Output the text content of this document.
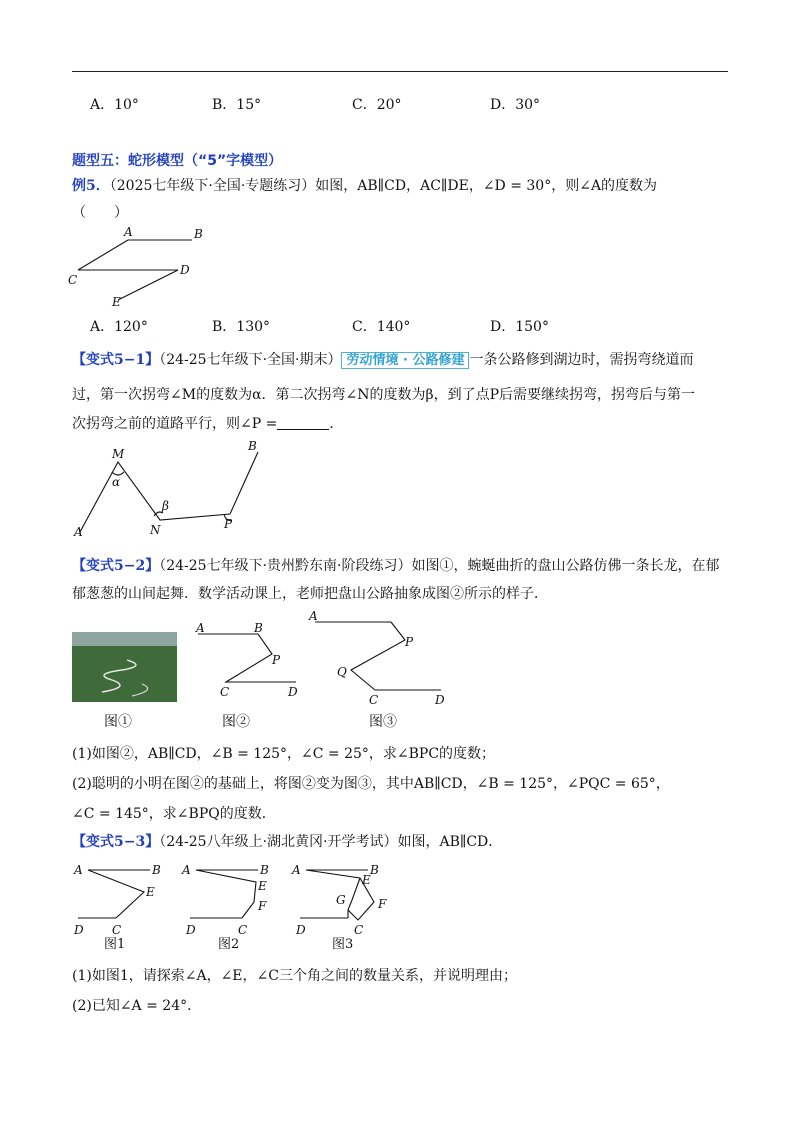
A．10°	B．15°	C．20°	D．30°
题型五：蛇形模型（“5”字模型）
例5．（2025七年级下·全国·专题练习）如图，AB∥CD，AC∥DE，∠D = 30°，则∠A的度数为
（　　）
A	B
C
D
E
A．120°	B．130°	C．140°	D．150°
【变式5−1】（24-25七年级下·全国·期末） 劳动情境 · 公路修建 一条公路修到湖边时，需拐弯绕道而
过，第一次拐弯∠M的度数为α．第二次拐弯∠N的度数为β，到了点P后需要继续拐弯，拐弯后与第一
次拐弯之前的道路平行，则∠P =	．
M
α
β
A	N	P
B
【变式5−2】（24-25七年级下·贵州黔东南·阶段练习）如图①，蜿蜒曲折的盘山公路仿佛一条长龙，在郁
郁葱葱的山间起舞．数学活动课上，老师把盘山公路抽象成图②所示的样子．
A	B
P
C	D
A
P
Q
C	D
图①	图②	图③
(1)如图②，AB∥CD，∠B = 125°，∠C = 25°，求∠BPC的度数；
(2)聪明的小明在图②的基础上，将图②变为图③，其中AB∥CD，∠B = 125°，∠PQC = 65°，
∠C = 145°，求∠BPQ的度数．
【变式5−3】（24-25八年级上·湖北黄冈·开学考试）如图，AB∥CD．
A	B
E
D C
图1
A	B
E
F
D	C
图2
A	B
E
G	F
D	C
图3
(1)如图1，请探索∠A，∠E，∠C三个角之间的数量关系，并说明理由；
(2)已知∠A = 24°．
